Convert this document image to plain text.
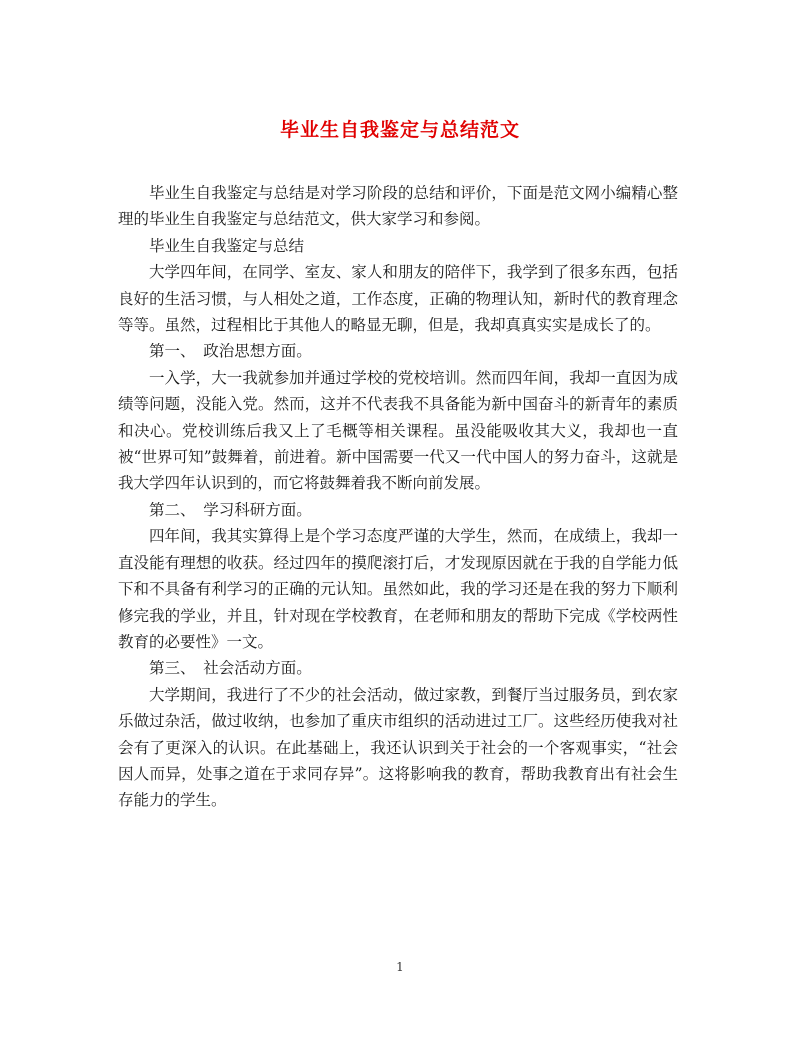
毕业生自我鉴定与总结范文

毕业生自我鉴定与总结是对学习阶段的总结和评价，下面是范文网小编精心整理的毕业生自我鉴定与总结范文，供大家学习和参阅。

毕业生自我鉴定与总结

大学四年间，在同学、室友、家人和朋友的陪伴下，我学到了很多东西，包括良好的生活习惯，与人相处之道，工作态度，正确的物理认知，新时代的教育理念等等。虽然，过程相比于其他人的略显无聊，但是，我却真真实实是成长了的。

第一、　政治思想方面。

一入学，大一我就参加并通过学校的党校培训。然而四年间，我却一直因为成绩等问题，没能入党。然而，这并不代表我不具备能为新中国奋斗的新青年的素质和决心。党校训练后我又上了毛概等相关课程。虽没能吸收其大义，我却也一直被“世界可知”鼓舞着，前进着。新中国需要一代又一代中国人的努力奋斗，这就是我大学四年认识到的，而它将鼓舞着我不断向前发展。

第二、　学习科研方面。

四年间，我其实算得上是个学习态度严谨的大学生，然而，在成绩上，我却一直没能有理想的收获。经过四年的摸爬滚打后，才发现原因就在于我的自学能力低下和不具备有利学习的正确的元认知。虽然如此，我的学习还是在我的努力下顺利修完我的学业，并且，针对现在学校教育，在老师和朋友的帮助下完成《学校两性教育的必要性》一文。

第三、　社会活动方面。

大学期间，我进行了不少的社会活动，做过家教，到餐厅当过服务员，到农家乐做过杂活，做过收纳，也参加了重庆市组织的活动进过工厂。这些经历使我对社会有了更深入的认识。在此基础上，我还认识到关于社会的一个客观事实，“社会因人而异，处事之道在于求同存异”。这将影响我的教育，帮助我教育出有社会生存能力的学生。

1
